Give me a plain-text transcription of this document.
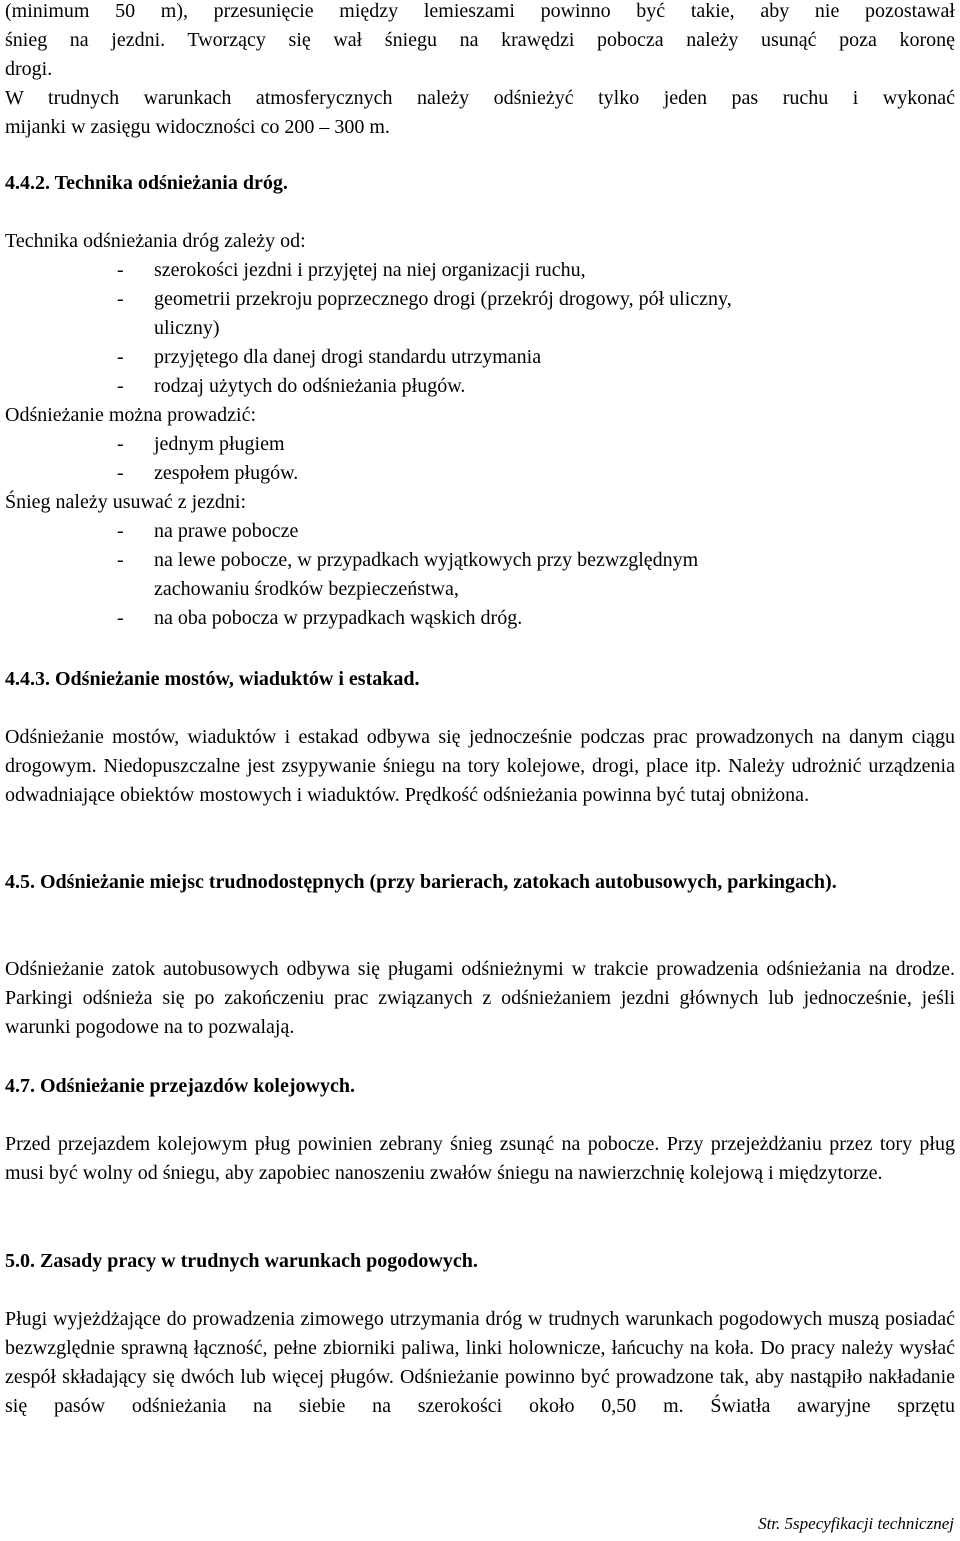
(minimum 50 m), przesunięcie między lemieszami powinno być takie, aby nie pozostawał

śnieg na jezdni. Tworzący się wał śniegu na krawędzi pobocza należy usunąć poza koronę

drogi.

W trudnych warunkach atmosferycznych należy odśnieżyć tylko jeden pas ruchu i wykonać

mijanki w zasięgu widoczności co 200 – 300 m.

4.4.2. Technika odśnieżania dróg.

Technika odśnieżania dróg zależy od:

- szerokości jezdni i przyjętej na niej organizacji ruchu,

- geometrii przekroju poprzecznego drogi (przekrój drogowy, pół uliczny,

uliczny)

- przyjętego dla danej drogi standardu utrzymania

- rodzaj użytych do odśnieżania pługów.

Odśnieżanie można prowadzić:

- jednym pługiem

- zespołem pługów.

Śnieg należy usuwać z jezdni:

- na prawe pobocze

- na lewe pobocze, w przypadkach wyjątkowych przy bezwzględnym

zachowaniu środków bezpieczeństwa,

- na oba pobocza w przypadkach wąskich dróg.

4.4.3. Odśnieżanie mostów, wiaduktów i estakad.

Odśnieżanie mostów, wiaduktów i estakad odbywa się jednocześnie podczas prac prowadzonych na danym ciągu drogowym. Niedopuszczalne jest zsypywanie śniegu na tory kolejowe, drogi, place itp. Należy udrożnić urządzenia odwadniające obiektów mostowych i wiaduktów. Prędkość odśnieżania powinna być tutaj obniżona.

4.5. Odśnieżanie miejsc trudnodostępnych (przy barierach, zatokach autobusowych, parkingach).

Odśnieżanie zatok autobusowych odbywa się pługami odśnieżnymi w trakcie prowadzenia odśnieżania na drodze. Parkingi odśnieża się po zakończeniu prac związanych z odśnieżaniem jezdni głównych lub jednocześnie, jeśli warunki pogodowe na to pozwalają.

4.7. Odśnieżanie przejazdów kolejowych.

Przed przejazdem kolejowym pług powinien zebrany śnieg zsunąć na pobocze. Przy przejeżdżaniu przez tory pług musi być wolny od śniegu, aby zapobiec nanoszeniu zwałów śniegu na nawierzchnię kolejową i międzytorze.

5.0. Zasady pracy w trudnych warunkach pogodowych.

Pługi wyjeżdżające do prowadzenia zimowego utrzymania dróg w trudnych warunkach pogodowych muszą posiadać bezwzględnie sprawną łączność, pełne zbiorniki paliwa, linki holownicze, łańcuchy na koła. Do pracy należy wysłać zespół składający się dwóch lub więcej pługów. Odśnieżanie powinno być prowadzone tak, aby nastąpiło nakładanie się pasów odśnieżania na siebie na szerokości około 0,50 m. Światła awaryjne sprzętu

Str. 5specyfikacji technicznej
